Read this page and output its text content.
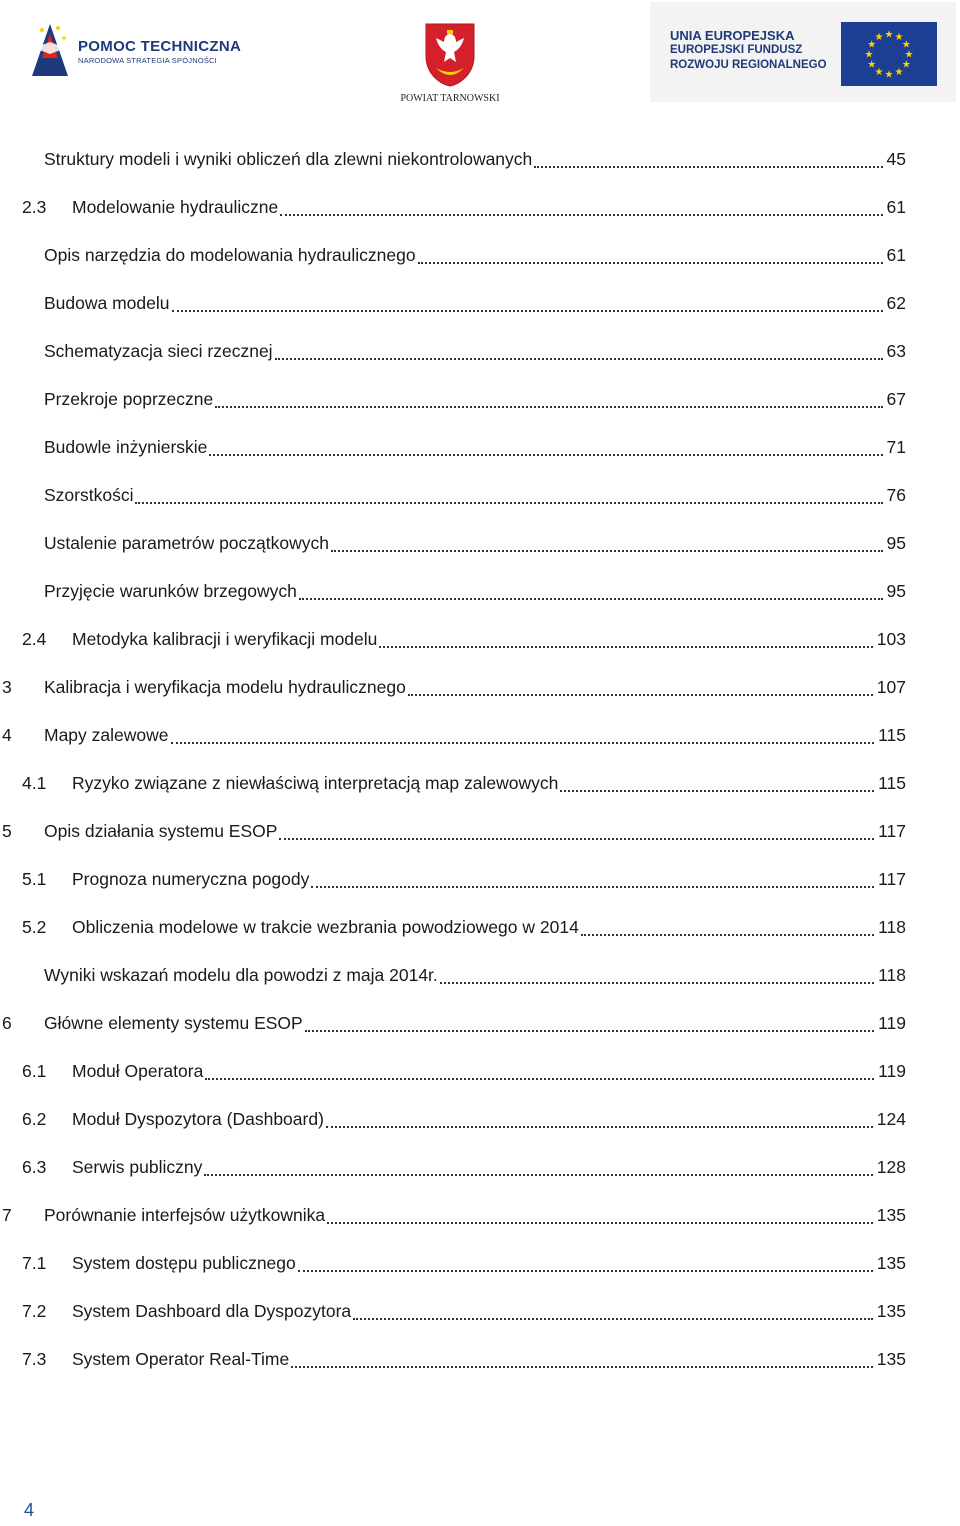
POMOC TECHNICZNA
NARODOWA STRATEGIA SPÓJNOŚCI
POWIAT TARNOWSKI
UNIA EUROPEJSKA
EUROPEJSKI FUNDUSZ
ROZWOJU REGIONALNEGO
★ ★
★
★
★
★
★
★
★
★
★
★
Struktury modeli i wyniki obliczeń dla zlewni niekontrolowanych	45
2.3 Modelowanie hydrauliczne	61
Opis narzędzia do modelowania hydraulicznego	61
Budowa modelu	62
Schematyzacja sieci rzecznej	63
Przekroje poprzeczne	67
Budowle inżynierskie	71
Szorstkości	76
Ustalenie parametrów początkowych	95
Przyjęcie warunków brzegowych	95
2.4 Metodyka kalibracji i weryfikacji modelu	103
3 Kalibracja i weryfikacja modelu hydraulicznego	107
4 Mapy zalewowe	115
4.1 Ryzyko związane z niewłaściwą interpretacją map zalewowych	115
5 Opis działania systemu ESOP	117
5.1 Prognoza numeryczna pogody	117
5.2 Obliczenia modelowe w trakcie wezbrania powodziowego w 2014	118
Wyniki wskazań modelu dla powodzi z maja 2014r.	118
6 Główne elementy systemu ESOP	119
6.1 Moduł Operatora	119
6.2 Moduł Dyspozytora (Dashboard)	124
6.3 Serwis publiczny	128
7 Porównanie interfejsów użytkownika	135
7.1 System dostępu publicznego	135
7.2 System Dashboard dla Dyspozytora	135
7.3 System Operator Real-Time	135
4
